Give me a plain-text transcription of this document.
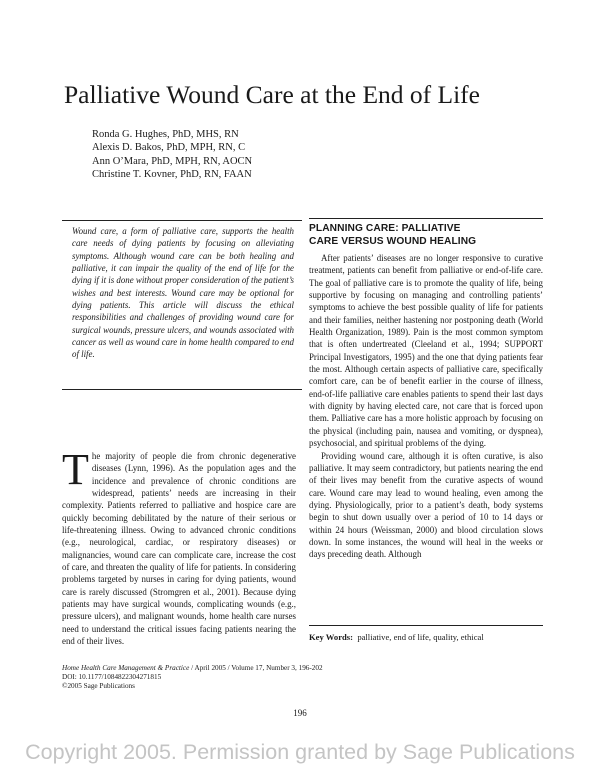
Palliative Wound Care at the End of Life
Ronda G. Hughes, PhD, MHS, RN
Alexis D. Bakos, PhD, MPH, RN, C
Ann O’Mara, PhD, MPH, RN, AOCN
Christine T. Kovner, PhD, RN, FAAN
Wound care, a form of palliative care, supports the health care needs of dying patients by focusing on alleviating symptoms. Although wound care can be both healing and palliative, it can impair the quality of the end of life for the dying if it is done without proper consideration of the patient’s wishes and best interests. Wound care may be optional for dying patients. This article will discuss the ethical responsibilities and challenges of providing wound care for surgical wounds, pressure ulcers, and wounds associated with cancer as well as wound care in home health compared to end of life.
The majority of people die from chronic degenerative diseases (Lynn, 1996). As the population ages and the incidence and prevalence of chronic conditions are widespread, patients’ needs are increasing in their complexity. Patients referred to palliative and hospice care are quickly becoming debilitated by the nature of their serious or life-threatening illness. Owing to advanced chronic conditions (e.g., neurological, cardiac, or respiratory diseases) or malignancies, wound care can complicate care, increase the cost of care, and threaten the quality of life for patients. In considering problems targeted by nurses in caring for dying patients, wound care is rarely discussed (Stromgren et al., 2001). Because dying patients may have surgical wounds, complicating wounds (e.g., pressure ulcers), and malignant wounds, home health care nurses need to understand the critical issues facing patients nearing the end of their lives.
PLANNING CARE: PALLIATIVE
CARE VERSUS WOUND HEALING

After patients’ diseases are no longer responsive to curative treatment, patients can benefit from palliative or end-of-life care. The goal of palliative care is to promote the quality of life, being supportive by focusing on managing and controlling patients’ symptoms to achieve the best possible quality of life for patients and their families, neither hastening nor postponing death (World Health Organization, 1989). Pain is the most common symptom that is often undertreated (Cleeland et al., 1994; SUPPORT Principal Investigators, 1995) and the one that dying patients fear the most. Although certain aspects of palliative care, specifically comfort care, can be of benefit earlier in the course of illness, end-of-life palliative care enables patients to spend their last days with dignity by having elected care, not care that is forced upon them. Palliative care has a more holistic approach by focusing on the physical (including pain, nausea and vomiting, or dyspnea), psychosocial, and spiritual problems of the dying.

Providing wound care, although it is often curative, is also palliative. It may seem contradictory, but patients nearing the end of their lives may benefit from the curative aspects of wound care. Wound care may lead to wound healing, even among the dying. Physiologically, prior to a patient’s death, body systems begin to shut down usually over a period of 10 to 14 days or within 24 hours (Weissman, 2000) and blood circulation slows down. In some instances, the wound will heal in the weeks or days preceding death. Although

Key Words: palliative, end of life, quality, ethical
Home Health Care Management & Practice / April 2005 / Volume 17, Number 3, 196-202
DOI: 10.1177/1084822304271815
©2005 Sage Publications
196
Copyright 2005. Permission granted by Sage Publications
